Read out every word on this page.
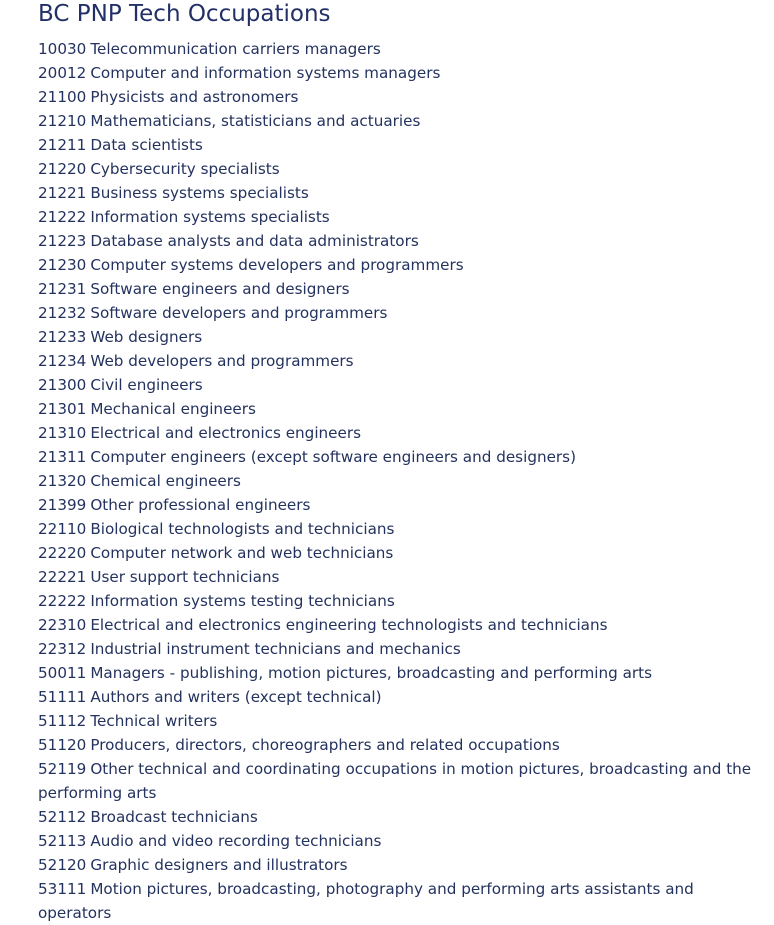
BC PNP Tech Occupations
10030 Telecommunication carriers managers
20012 Computer and information systems managers
21100 Physicists and astronomers
21210 Mathematicians, statisticians and actuaries
21211 Data scientists
21220 Cybersecurity specialists
21221 Business systems specialists
21222 Information systems specialists
21223 Database analysts and data administrators
21230 Computer systems developers and programmers
21231 Software engineers and designers
21232 Software developers and programmers
21233 Web designers
21234 Web developers and programmers
21300 Civil engineers
21301 Mechanical engineers
21310 Electrical and electronics engineers
21311 Computer engineers (except software engineers and designers)
21320 Chemical engineers
21399 Other professional engineers
22110 Biological technologists and technicians
22220 Computer network and web technicians
22221 User support technicians
22222 Information systems testing technicians
22310 Electrical and electronics engineering technologists and technicians
22312 Industrial instrument technicians and mechanics
50011 Managers - publishing, motion pictures, broadcasting and performing arts
51111 Authors and writers (except technical)
51112 Technical writers
51120 Producers, directors, choreographers and related occupations
52119 Other technical and coordinating occupations in motion pictures, broadcasting and the performing arts
52112 Broadcast technicians
52113 Audio and video recording technicians
52120 Graphic designers and illustrators
53111 Motion pictures, broadcasting, photography and performing arts assistants and operators
